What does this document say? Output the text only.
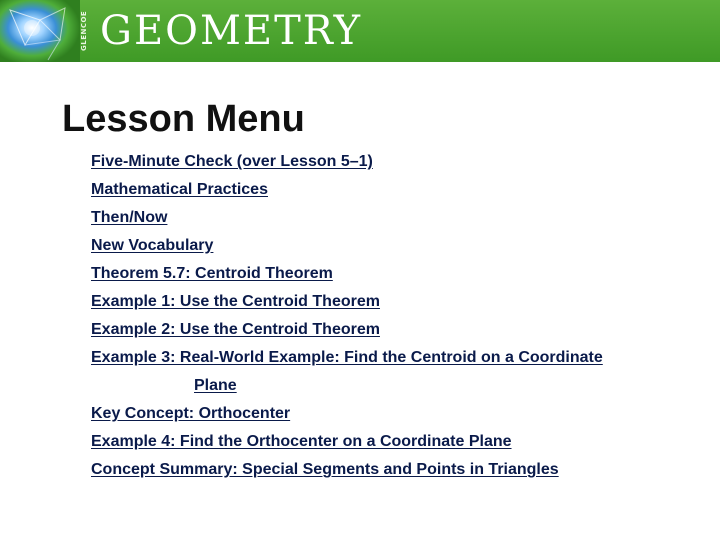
GLENCOE GEOMETRY
Lesson Menu
Five-Minute Check (over Lesson 5–1)
Mathematical Practices
Then/Now
New Vocabulary
Theorem 5.7: Centroid Theorem
Example 1: Use the Centroid Theorem
Example 2: Use the Centroid Theorem
Example 3: Real-World Example: Find the Centroid on a Coordinate
Plane
Key Concept: Orthocenter
Example 4: Find the Orthocenter on a Coordinate Plane
Concept Summary: Special Segments and Points in Triangles
